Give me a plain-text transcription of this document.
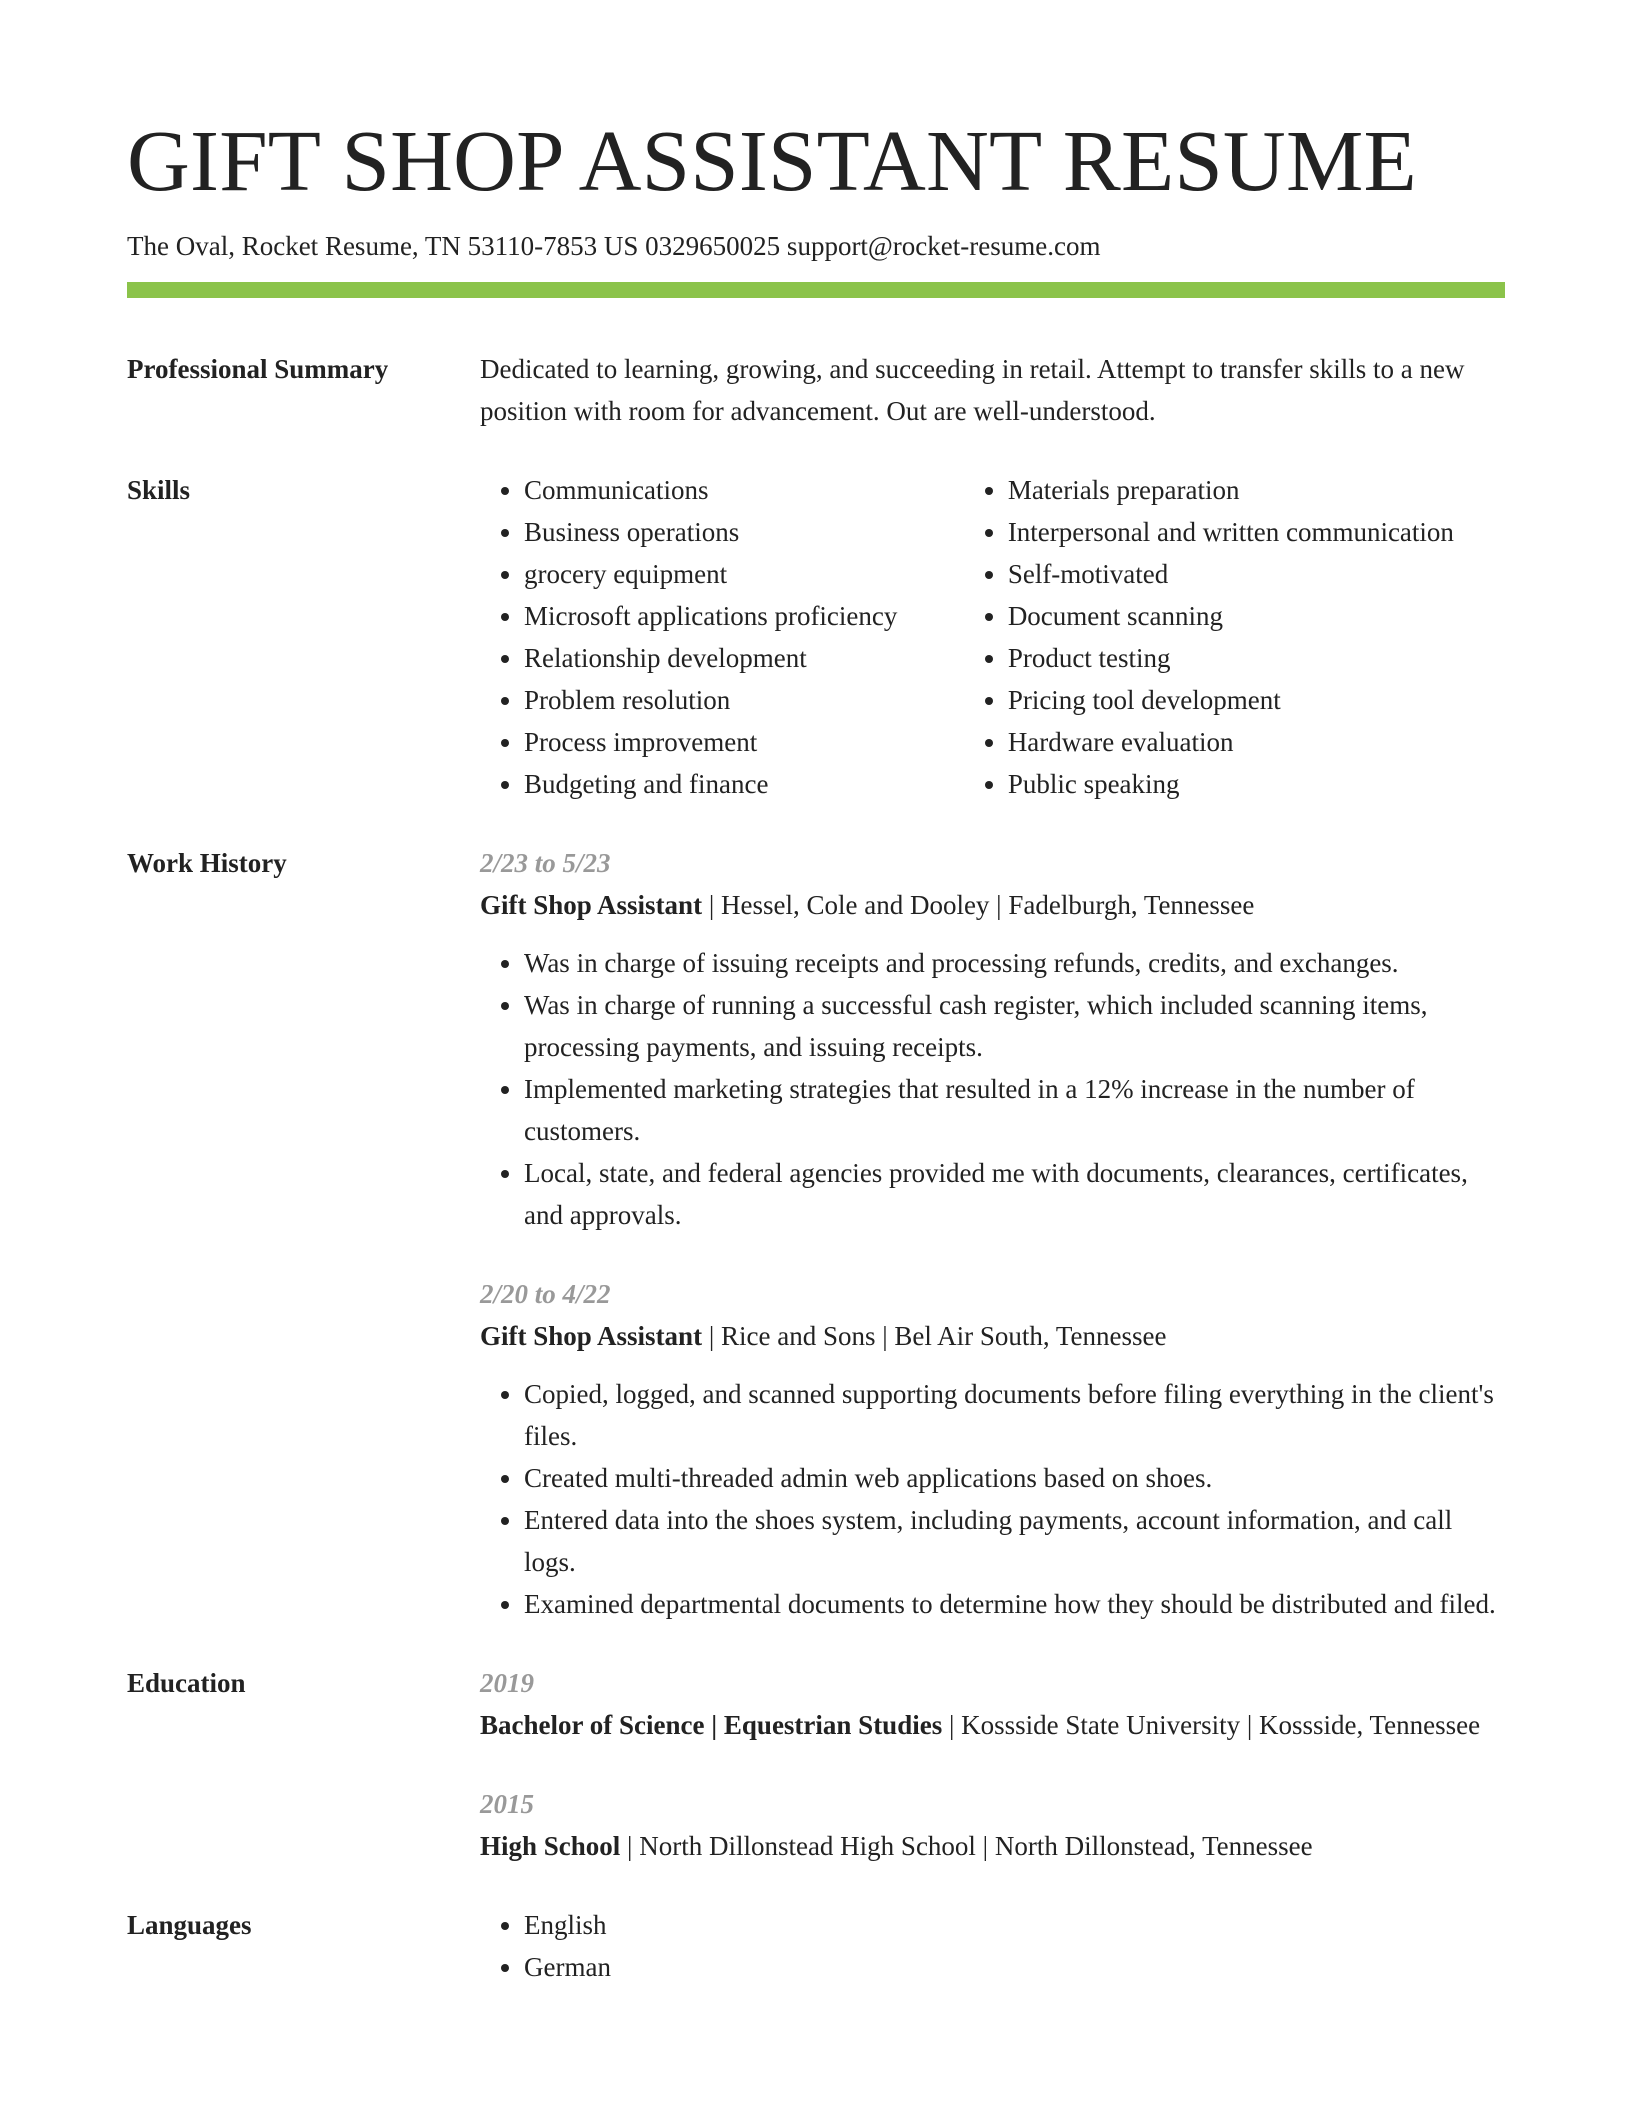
GIFT SHOP ASSISTANT RESUME
The Oval, Rocket Resume, TN 53110-7853 US 0329650025 support@rocket-resume.com
Professional Summary	Dedicated to learning, growing, and succeeding in retail. Attempt to transfer skills to a new position with room for advancement. Out are well-understood.

Skills	• Communications
• Business operations
• grocery equipment
• Microsoft applications proficiency
• Relationship development
• Problem resolution
• Process improvement
• Budgeting and finance
• Materials preparation
• Interpersonal and written communication
• Self-motivated
• Document scanning
• Product testing
• Pricing tool development
• Hardware evaluation
• Public speaking
Work History	2/23 to 5/23
Gift Shop Assistant | Hessel, Cole and Dooley | Fadelburgh, Tennessee
• Was in charge of issuing receipts and processing refunds, credits, and exchanges.
• Was in charge of running a successful cash register, which included scanning items, processing payments, and issuing receipts.
• Implemented marketing strategies that resulted in a 12% increase in the number of customers.
• Local, state, and federal agencies provided me with documents, clearances, certificates, and approvals.
2/20 to 4/22
Gift Shop Assistant | Rice and Sons | Bel Air South, Tennessee
• Copied, logged, and scanned supporting documents before filing everything in the client's files.
• Created multi-threaded admin web applications based on shoes.
• Entered data into the shoes system, including payments, account information, and call logs.
• Examined departmental documents to determine how they should be distributed and filed.
Education	2019
Bachelor of Science | Equestrian Studies | Kossside State University | Kossside, Tennessee
2015
High School | North Dillonstead High School | North Dillonstead, Tennessee
Languages	• English
• German
